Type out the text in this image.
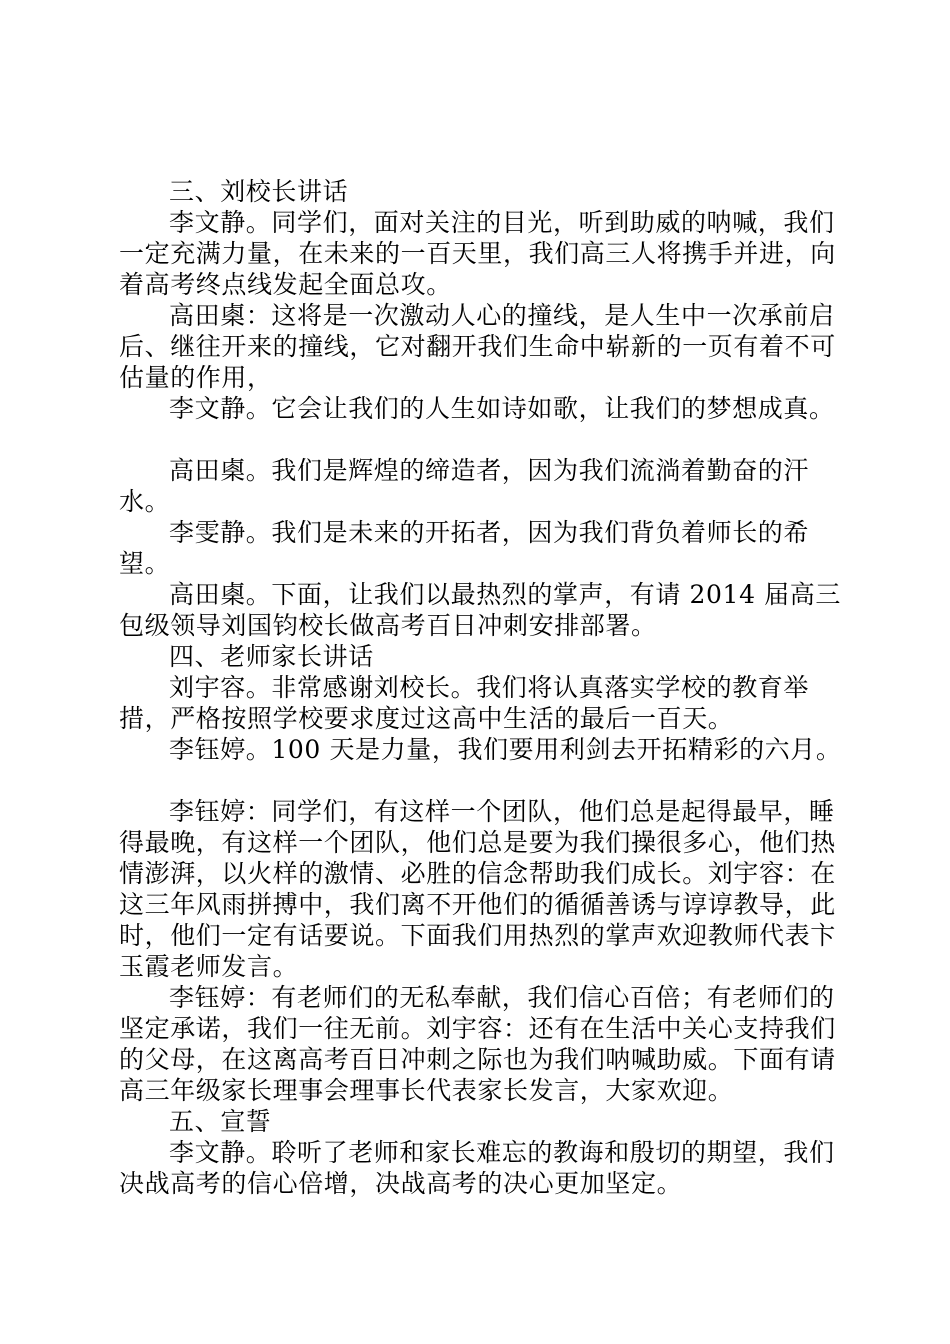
三、刘校长讲话

李文静。同学们，面对关注的目光，听到助威的呐喊，我们一定充满力量，在未来的一百天里，我们高三人将携手并进，向着高考终点线发起全面总攻。

高田㮚：这将是一次激动人心的撞线，是人生中一次承前启后、继往开来的撞线，它对翻开我们生命中崭新的一页有着不可估量的作用，

李文静。它会让我们的人生如诗如歌，让我们的梦想成真。

高田㮚。我们是辉煌的缔造者，因为我们流淌着勤奋的汗水。

李雯静。我们是未来的开拓者，因为我们背负着师长的希望。

高田㮚。下面，让我们以最热烈的掌声，有请 2014 届高三包级领导刘国钧校长做高考百日冲刺安排部署。

四、老师家长讲话

刘宇容。非常感谢刘校长。我们将认真落实学校的教育举措，严格按照学校要求度过这高中生活的最后一百天。

李钰婷。100 天是力量，我们要用利剑去开拓精彩的六月。

李钰婷：同学们，有这样一个团队，他们总是起得最早，睡得最晚，有这样一个团队，他们总是要为我们操很多心，他们热情澎湃，以火样的激情、必胜的信念帮助我们成长。刘宇容：在这三年风雨拼搏中，我们离不开他们的循循善诱与谆谆教导，此时，他们一定有话要说。下面我们用热烈的掌声欢迎教师代表卞玉霞老师发言。

李钰婷：有老师们的无私奉献，我们信心百倍；有老师们的坚定承诺，我们一往无前。刘宇容：还有在生活中关心支持我们的父母，在这离高考百日冲刺之际也为我们呐喊助威。下面有请高三年级家长理事会理事长代表家长发言，大家欢迎。

五、宣誓

李文静。聆听了老师和家长难忘的教诲和殷切的期望，我们决战高考的信心倍增，决战高考的决心更加坚定。
